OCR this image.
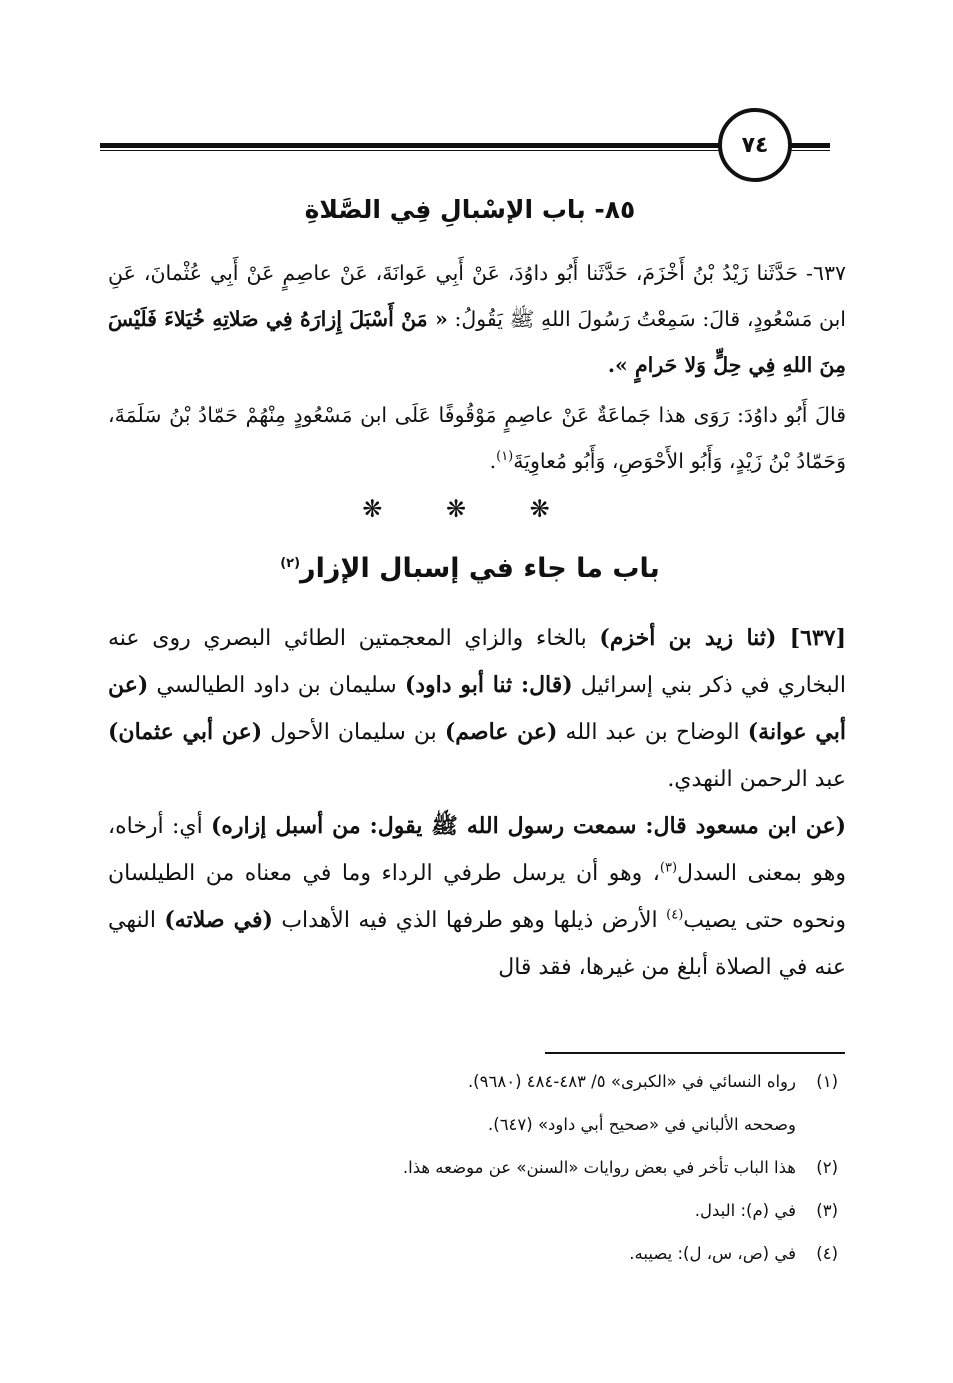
٧٤
٨٥- باب الإسْبالِ فِي الصَّلاةِ
٦٣٧- حَدَّثَنا زَيْدُ بْنُ أَخْزَمَ، حَدَّثَنا أَبُو داوُدَ، عَنْ أَبِي عَوانَةَ، عَنْ عاصِمٍ عَنْ أَبِي عُثْمانَ، عَنِ ابن مَسْعُودٍ، قالَ: سَمِعْتُ رَسُولَ اللهِ ﷺ يَقُولُ: « مَنْ أَسْبَلَ إِزارَهُ فِي صَلاتِهِ خُيَلاءَ فَلَيْسَ مِنَ اللهِ فِي حِلٍّ وَلا حَرامٍ ».
قالَ أَبُو داوُدَ: رَوَى هذا جَماعَةٌ عَنْ عاصِمٍ مَوْقُوفًا عَلَى ابن مَسْعُودٍ مِنْهُمْ حَمّادُ بْنُ سَلَمَةَ، وَحَمّادُ بْنُ زَيْدٍ، وَأَبُو الأَحْوَصِ، وَأَبُو مُعاوِيَةَ$^{(١)}$.
❋ ❋ ❋
باب ما جاء في إسبال الإزار$^{(٢)}$

[٦٣٧] (ثنا زيد بن أخزم) بالخاء والزاي المعجمتين الطائي البصري روى عنه البخاري في ذكر بني إسرائيل (قال: ثنا أبو داود) سليمان بن داود الطيالسي (عن أبي عوانة) الوضاح بن عبد الله (عن عاصم) بن سليمان الأحول (عن أبي عثمان) عبد الرحمن النهدي.

(عن ابن مسعود قال: سمعت رسول الله ﷺ يقول: من أسبل إزاره) أي: أرخاه، وهو بمعنى السدل$^{(٣)}$، وهو أن يرسل طرفي الرداء وما في معناه من الطيلسان ونحوه حتى يصيب$^{(٤)}$ الأرض ذيلها وهو طرفها الذي فيه الأهداب (في صلاته) النهي عنه في الصلاة أبلغ من غيرها، فقد قال

(١)
رواه النسائي في «الكبرى» ٥/ ٤٨٣-٤٨٤ (٩٦٨٠).
وصححه الألباني في «صحيح أبي داود» (٦٤٧).
(٢)
هذا الباب تأخر في بعض روايات «السنن» عن موضعه هذا.
(٣)
في (م): البدل.
(٤)
في (ص، س، ل): يصيبه.
